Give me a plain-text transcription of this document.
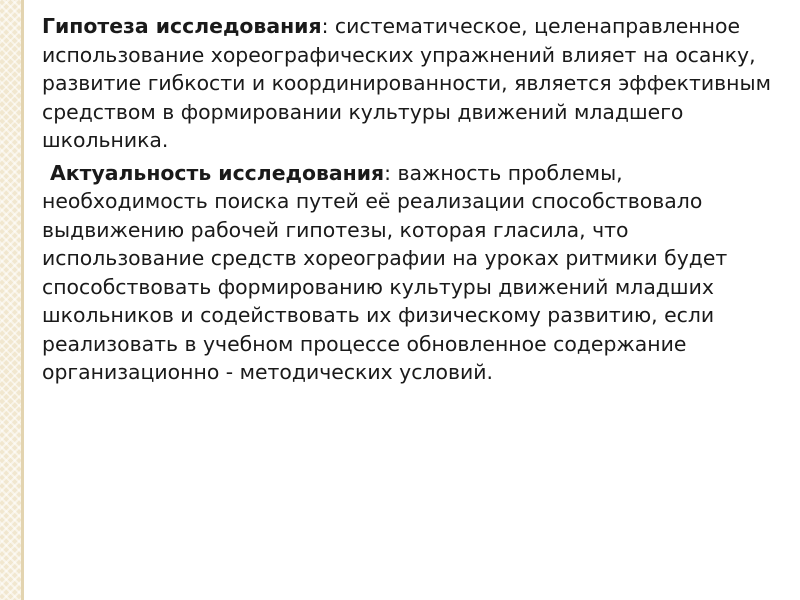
Гипотеза исследования: систематическое, целенаправленное использование хореографических упражнений влияет на осанку, развитие гибкости и координированности, является эффективным средством в формировании культуры движений младшего школьника.

Актуальность исследования: важность проблемы, необходимость поиска путей её реализации способствовало выдвижению рабочей гипотезы, которая гласила, что использование средств хореографии на уроках ритмики будет способствовать формированию культуры движений младших школьников и содействовать их физическому развитию, если реализовать в учебном процессе обновленное содержание организационно - методических условий.
